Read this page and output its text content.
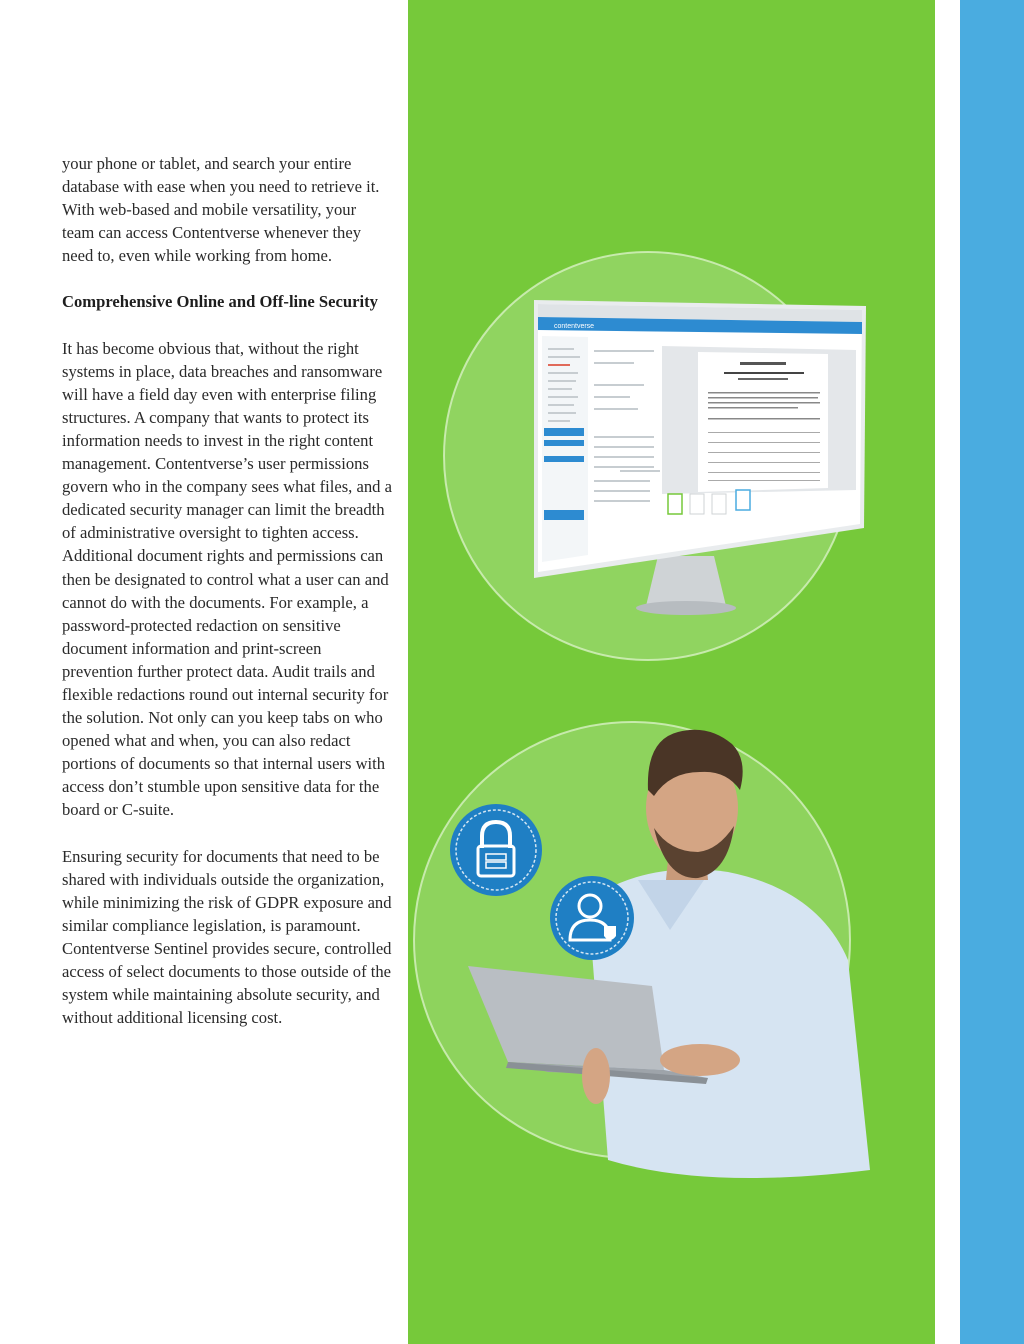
your phone or tablet, and search your entire database with ease when you need to retrieve it. With web-based and mobile versatility, your team can access Contentverse whenever they need to, even while working from home.

Comprehensive Online and Off-line Security

It has become obvious that, without the right systems in place, data breaches and ransomware will have a field day even with enterprise filing structures. A company that wants to protect its information needs to invest in the right content management. Contentverse’s user permissions govern who in the company sees what files, and a dedicated security manager can limit the breadth of administrative oversight to tighten access. Additional document rights and permissions can then be designated to control what a user can and cannot do with the documents. For example, a password-protected redaction on sensitive document information and print-screen prevention further protect data. Audit trails and flexible redactions round out internal security for the solution. Not only can you keep tabs on who opened what and when, you can also redact portions of documents so that internal users with access don’t stumble upon sensitive data for the board or C-suite.

Ensuring security for documents that need to be shared with individuals outside the organization, while minimizing the risk of GDPR exposure and similar compliance legislation, is paramount. Contentverse Sentinel provides secure, controlled access of select documents to those outside of the system while maintaining absolute security, and without additional licensing cost.

contentverse
